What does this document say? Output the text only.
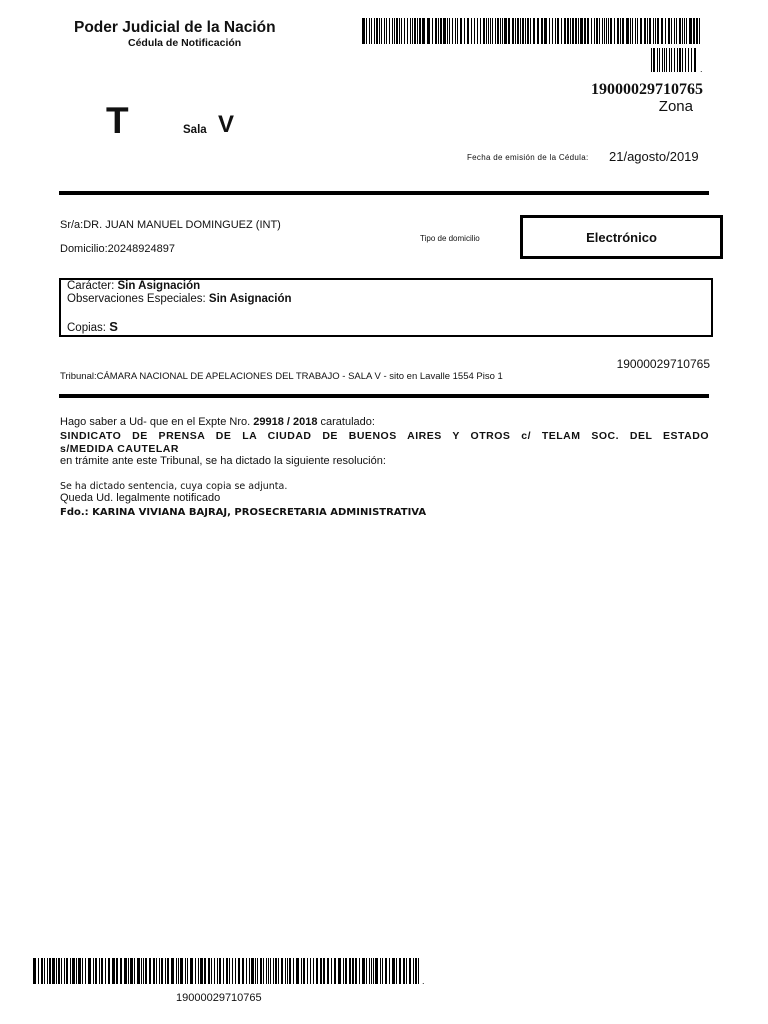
.
Poder Judicial de la Nación
Cédula de Notificación
19000029710765
Zona
T	Sala V
Fecha de emisión de la Cédula: 21/agosto/2019
Sr/a:DR. JUAN MANUEL DOMINGUEZ (INT)
Domicilio:20248924897
Tipo de domicilio	Electrónico
Carácter: Sin Asignación
Observaciones Especiales: Sin Asignación
Copias: S
19000029710765
Tribunal:CÁMARA NACIONAL DE APELACIONES DEL TRABAJO - SALA V - sito en Lavalle 1554 Piso 1
Hago saber a Ud- que en el Expte Nro. 29918 / 2018 caratulado:
SINDICATO DE PRENSA DE LA CIUDAD DE BUENOS AIRES Y OTROS c/ TELAM SOC. DEL ESTADO
s/MEDIDA CAUTELAR
en trámite ante este Tribunal, se ha dictado la siguiente resolución:
Se ha dictado sentencia, cuya copia se adjunta.
Queda Ud. legalmente notificado
Fdo.: KARINA VIVIANA BAJRAJ, PROSECRETARIA ADMINISTRATIVA
.
19000029710765
